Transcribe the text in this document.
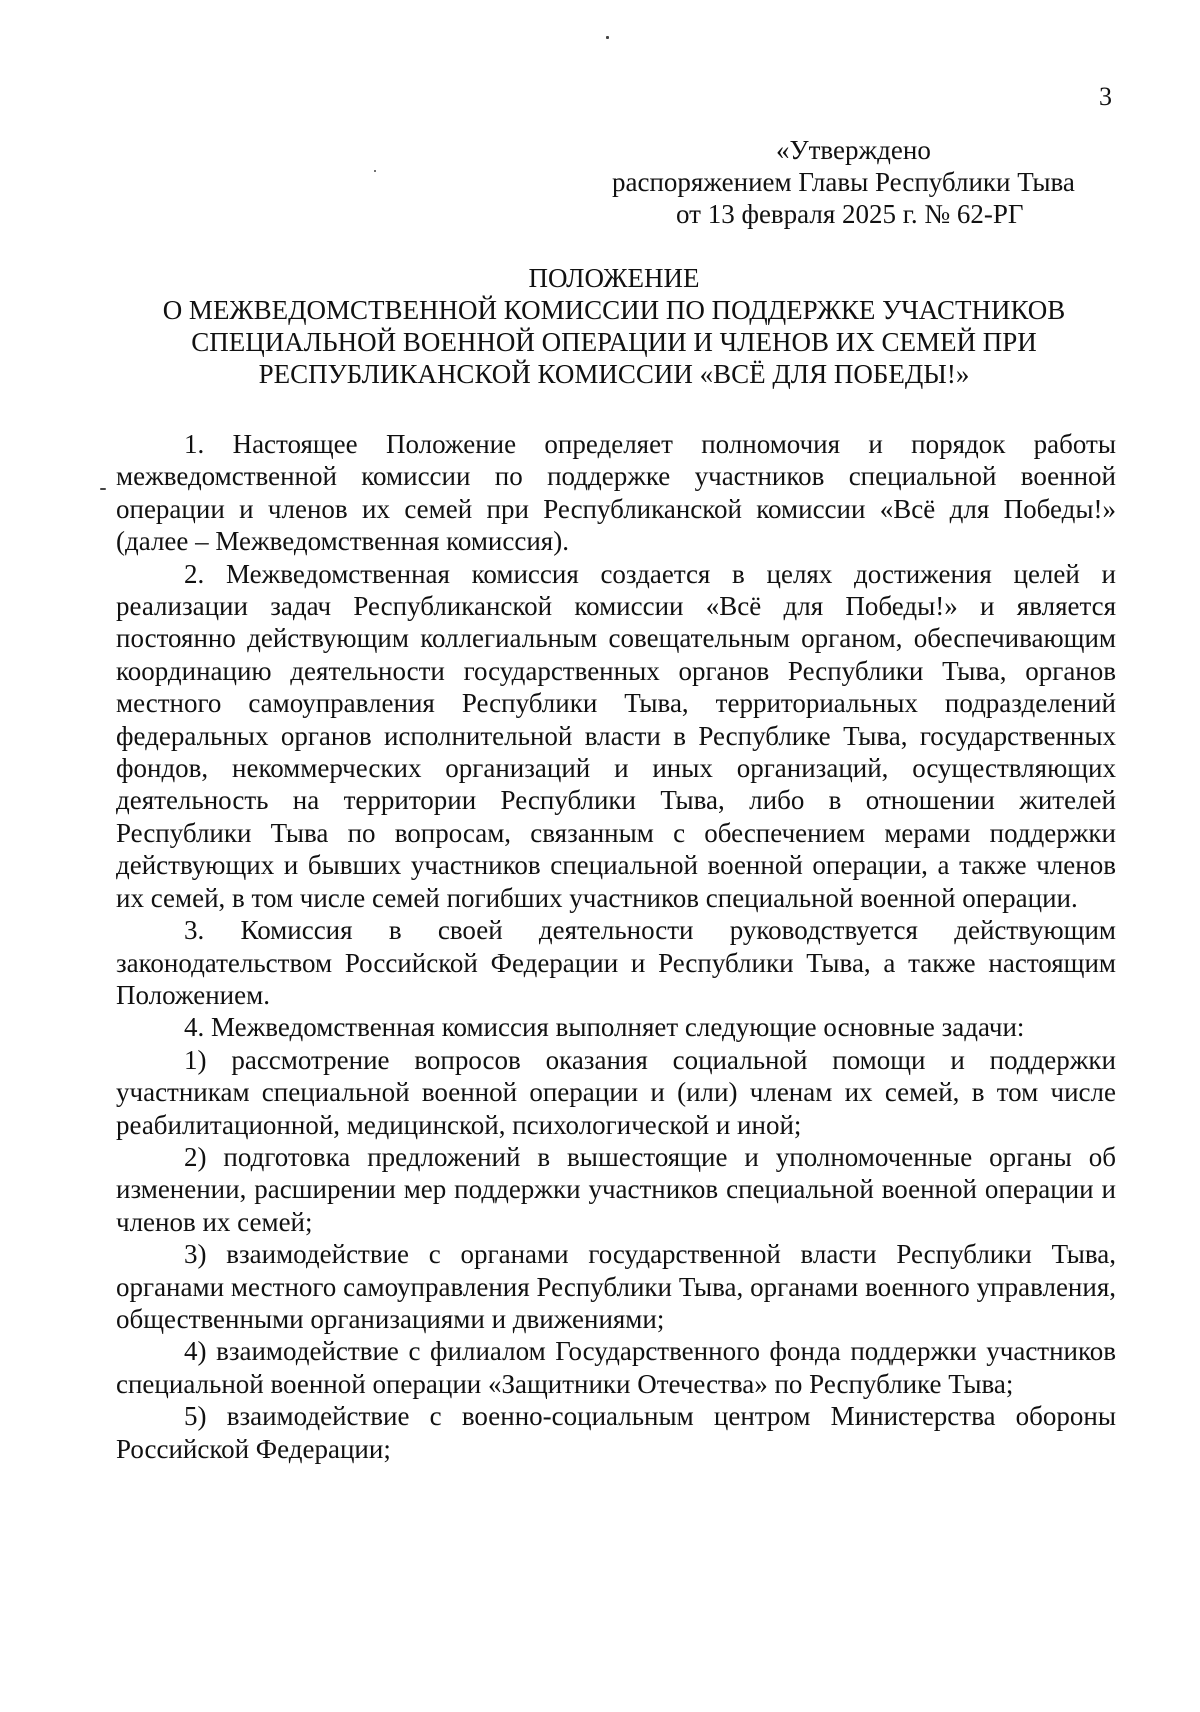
3
«Утверждено
распоряжением Главы Республики Тыва
от 13 февраля 2025 г. № 62-РГ
ПОЛОЖЕНИЕ
О МЕЖВЕДОМСТВЕННОЙ КОМИССИИ ПО ПОДДЕРЖКЕ УЧАСТНИКОВ
СПЕЦИАЛЬНОЙ ВОЕННОЙ ОПЕРАЦИИ И ЧЛЕНОВ ИХ СЕМЕЙ ПРИ
РЕСПУБЛИКАНСКОЙ КОМИССИИ «ВСЁ ДЛЯ ПОБЕДЫ!»

1. Настоящее Положение определяет полномочия и порядок работы межведомственной комиссии по поддержке участников специальной военной операции и членов их семей при Республиканской комиссии «Всё для Победы!» (далее – Межведомственная комиссия).

2. Межведомственная комиссия создается в целях достижения целей и реализации задач Республиканской комиссии «Всё для Победы!» и является постоянно действующим коллегиальным совещательным органом, обеспечивающим координацию деятельности государственных органов Республики Тыва, органов местного самоуправления Республики Тыва, территориальных подразделений федеральных органов исполнительной власти в Республике Тыва, государственных фондов, некоммерческих организаций и иных организаций, осуществляющих деятельность на территории Республики Тыва, либо в отношении жителей Республики Тыва по вопросам, связанным с обеспечением мерами поддержки действующих и бывших участников специальной военной операции, а также членов их семей, в том числе семей погибших участников специальной военной операции.

3. Комиссия в своей деятельности руководствуется действующим законодательством Российской Федерации и Республики Тыва, а также настоящим Положением.

4. Межведомственная комиссия выполняет следующие основные задачи:

1) рассмотрение вопросов оказания социальной помощи и поддержки участникам специальной военной операции и (или) членам их семей, в том числе реабилитационной, медицинской, психологической и иной;

2) подготовка предложений в вышестоящие и уполномоченные органы об изменении, расширении мер поддержки участников специальной военной операции и членов их семей;

3) взаимодействие с органами государственной власти Республики Тыва, органами местного самоуправления Республики Тыва, органами военного управления, общественными организациями и движениями;

4) взаимодействие с филиалом Государственного фонда поддержки участников специальной военной операции «Защитники Отечества» по Республике Тыва;

5) взаимодействие с военно-социальным центром Министерства обороны Российской Федерации;
